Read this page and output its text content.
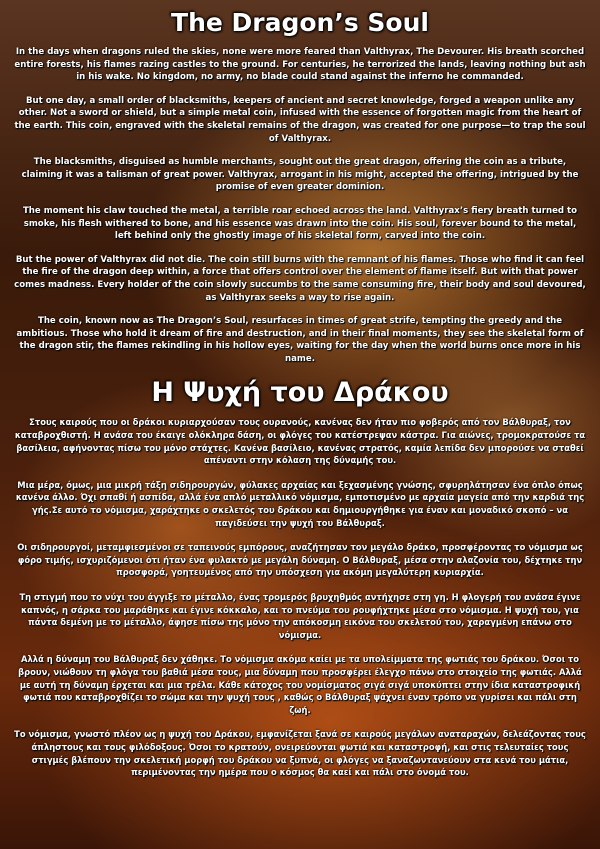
The Dragon’s Soul

In the days when dragons ruled the skies, none were more feared than Valthyrax, The Devourer. His breath scorched entire forests, his flames razing castles to the ground. For centuries, he terrorized the lands, leaving nothing but ash in his wake. No kingdom, no army, no blade could stand against the inferno he commanded.

But one day, a small order of blacksmiths, keepers of ancient and secret knowledge, forged a weapon unlike any other. Not a sword or shield, but a simple metal coin, infused with the essence of forgotten magic from the heart of the earth. This coin, engraved with the skeletal remains of the dragon, was created for one purpose—to trap the soul of Valthyrax.

The blacksmiths, disguised as humble merchants, sought out the great dragon, offering the coin as a tribute, claiming it was a talisman of great power. Valthyrax, arrogant in his might, accepted the offering, intrigued by the promise of even greater dominion.

The moment his claw touched the metal, a terrible roar echoed across the land. Valthyrax’s fiery breath turned to smoke, his flesh withered to bone, and his essence was drawn into the coin. His soul, forever bound to the metal, left behind only the ghostly image of his skeletal form, carved into the coin.

But the power of Valthyrax did not die. The coin still burns with the remnant of his flames. Those who find it can feel the fire of the dragon deep within, a force that offers control over the element of flame itself. But with that power comes madness. Every holder of the coin slowly succumbs to the same consuming fire, their body and soul devoured, as Valthyrax seeks a way to rise again.

The coin, known now as The Dragon’s Soul, resurfaces in times of great strife, tempting the greedy and the ambitious. Those who hold it dream of fire and destruction, and in their final moments, they see the skeletal form of the dragon stir, the flames rekindling in his hollow eyes, waiting for the day when the world burns once more in his name.

Η Ψυχή του Δράκου

Στους καιρούς που οι δράκοι κυριαρχούσαν τους ουρανούς, κανένας δεν ήταν πιο φοβερός από τον Βάλθυραξ, τον καταβροχθιστή. Η ανάσα του έκαιγε ολόκληρα δάση, οι φλόγες του κατέστρεψαν κάστρα. Για αιώνες, τρομοκρατούσε τα βασίλεια, αφήνοντας πίσω του μόνο στάχτες. Κανένα βασίλειο, κανένας στρατός, καμία λεπίδα δεν μπορούσε να σταθεί απέναντι στην κόλαση της δύναμής του.

Μια μέρα, όμως, μια μικρή τάξη σιδηρουργών, φύλακες αρχαίας και ξεχασμένης γνώσης, σφυρηλάτησαν ένα όπλο όπως κανένα άλλο. Όχι σπαθί ή ασπίδα, αλλά ένα απλό μεταλλικό νόμισμα, εμποτισμένο με αρχαία μαγεία από την καρδιά της γής.Σε αυτό το νόμισμα, χαράχτηκε ο σκελετός του δράκου και δημιουργήθηκε για έναν και μοναδικό σκοπό – να παγιδεύσει την ψυχή του Βάλθυραξ.

Οι σιδηρουργοί, μεταμφιεσμένοι σε ταπεινούς εμπόρους, αναζήτησαν τον μεγάλο δράκο, προσφέροντας το νόμισμα ως φόρο τιμής, ισχυριζόμενοι ότι ήταν ένα φυλακτό με μεγάλη δύναμη. Ο Βάλθυραξ, μέσα στην αλαζονία του, δέχτηκε την προσφορά, γοητευμένος από την υπόσχεση για ακόμη μεγαλύτερη κυριαρχία.

Τη στιγμή που το νύχι του άγγιξε το μέταλλο, ένας τρομερός βρυχηθμός αντήχησε στη γη. Η φλογερή του ανάσα έγινε καπνός, η σάρκα του μαράθηκε και έγινε κόκκαλο, και το πνεύμα του ρουφήχτηκε μέσα στο νόμισμα. Η ψυχή του, για πάντα δεμένη με το μέταλλο, άφησε πίσω της μόνο την απόκοσμη εικόνα του σκελετού του, χαραγμένη επάνω στο νόμισμα.

Αλλά η δύναμη του Βάλθυραξ δεν χάθηκε. Το νόμισμα ακόμα καίει με τα υπολείμματα της φωτιάς του δράκου. Όσοι το βρουν, νιώθουν τη φλόγα του βαθιά μέσα τους, μια δύναμη που προσφέρει έλεγχο πάνω στο στοιχείο της φωτιάς. Αλλά με αυτή τη δύναμη έρχεται και μια τρέλα. Κάθε κάτοχος του νομίσματος σιγά σιγά υποκύπτει στην ίδια καταστροφική φωτιά που καταβροχθίζει το σώμα και την ψυχή τους , καθώς ο Βάλθυραξ ψάχνει έναν τρόπο να γυρίσει και πάλι στη ζωή.

Το νόμισμα, γνωστό πλέον ως η ψυχή του Δράκου, εμφανίζεται ξανά σε καιρούς μεγάλων αναταραχών, δελεάζοντας τους άπληστους και τους φιλόδοξους. Όσοι το κρατούν, ονειρεύονται φωτιά και καταστροφή, και στις τελευταίες τους στιγμές βλέπουν την σκελετική μορφή του δράκου να ξυπνά, οι φλόγες να ξαναζωντανεύουν στα κενά του μάτια, περιμένοντας την ημέρα που ο κόσμος θα καεί και πάλι στο όνομά του.
